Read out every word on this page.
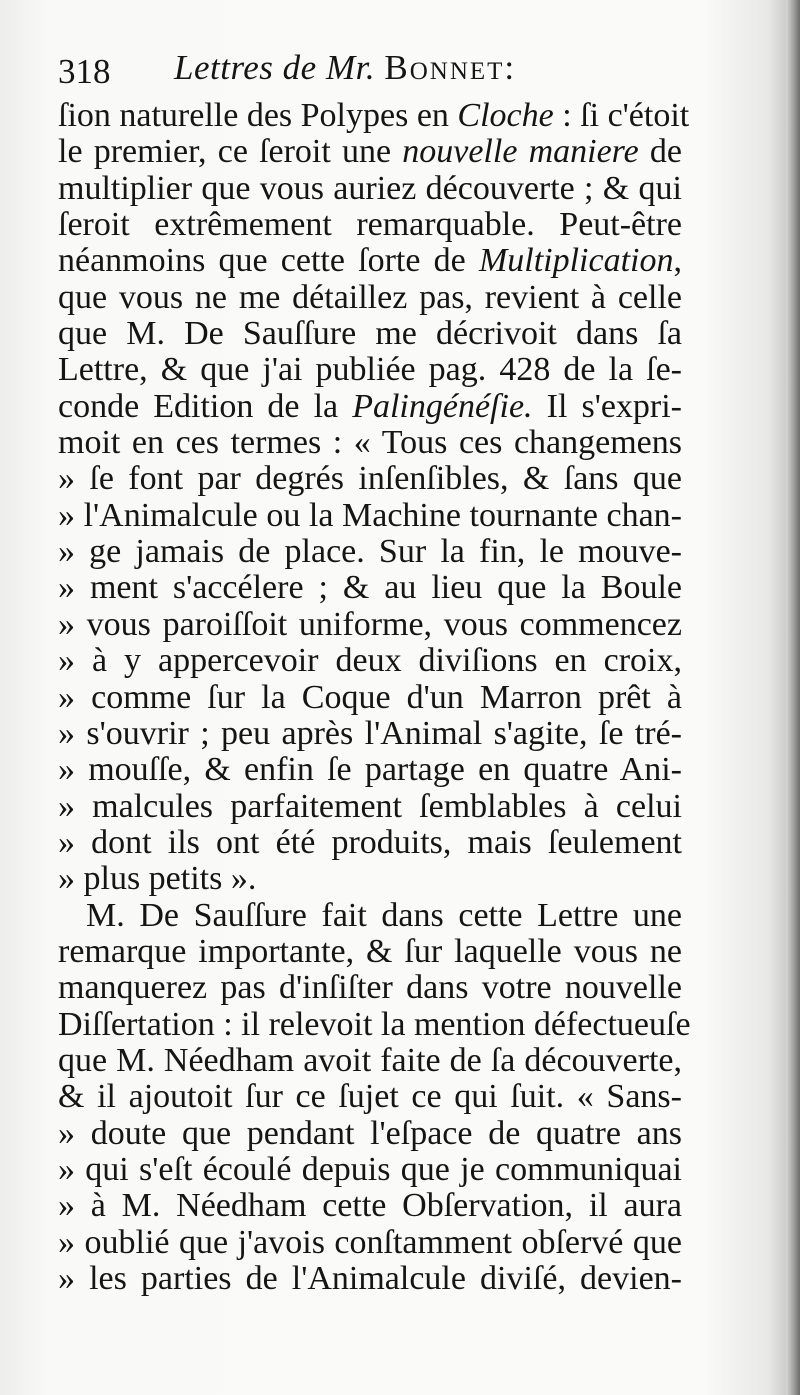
318 Lettres de Mr. Bonnet:
ſion naturelle des Polypes en Cloche : ſi c'étoit
le premier, ce ſeroit une nouvelle maniere de
multiplier que vous auriez découverte ; & qui
ſeroit extrêmement remarquable. Peut-être
néanmoins que cette ſorte de Multiplication,
que vous ne me détaillez pas, revient à celle
que M. De Sauſſure me décrivoit dans ſa
Lettre, & que j'ai publiée pag. 428 de la ſe-
conde Edition de la Palingénéſie. Il s'expri-
moit en ces termes : « Tous ces changemens
» ſe font par degrés inſenſibles, & ſans que
» l'Animalcule ou la Machine tournante chan-
» ge jamais de place. Sur la fin, le mouve-
» ment s'accélere ; & au lieu que la Boule
» vous paroiſſoit uniforme, vous commencez
» à y appercevoir deux diviſions en croix,
» comme ſur la Coque d'un Marron prêt à
» s'ouvrir ; peu après l'Animal s'agite, ſe tré-
» mouſſe, & enfin ſe partage en quatre Ani-
» malcules parfaitement ſemblables à celui
» dont ils ont été produits, mais ſeulement
» plus petits ».
M. De Sauſſure fait dans cette Lettre une
remarque importante, & ſur laquelle vous ne
manquerez pas d'inſiſter dans votre nouvelle
Diſſertation : il relevoit la mention défectueuſe
que M. Néedham avoit faite de ſa découverte,
& il ajoutoit ſur ce ſujet ce qui ſuit. « Sans-
» doute que pendant l'eſpace de quatre ans
» qui s'eſt écoulé depuis que je communiquai
» à M. Néedham cette Obſervation, il aura
» oublié que j'avois conſtamment obſervé que
» les parties de l'Animalcule diviſé, devien-
